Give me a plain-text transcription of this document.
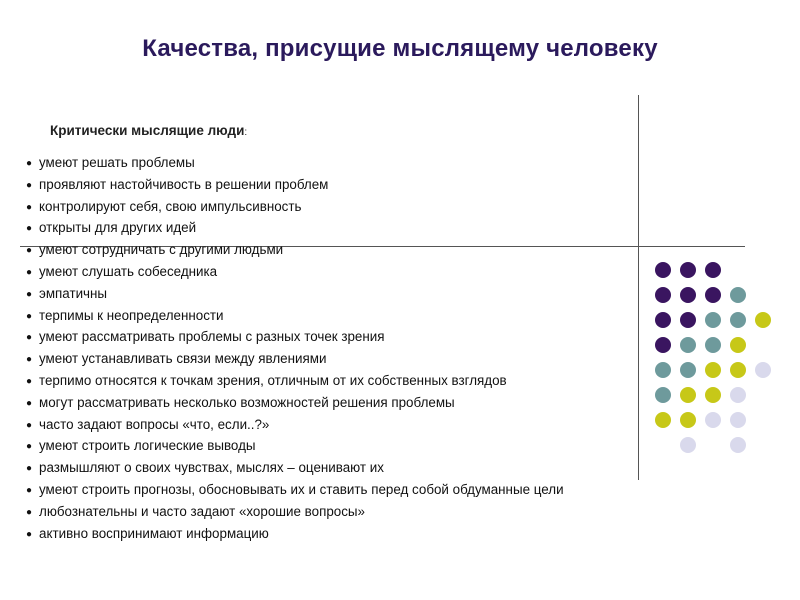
Качества, присущие мыслящему человеку
Критически мыслящие люди:
● умеют решать проблемы
● проявляют настойчивость в решении проблем
● контролируют себя, свою импульсивность
● открыты для других идей
● умеют сотрудничать с другими людьми
● умеют слушать собеседника
● эмпатичны
● терпимы к неопределенности
● умеют рассматривать проблемы с разных точек зрения
● умеют устанавливать связи между явлениями
● терпимо относятся к точкам зрения, отличным от их собственных взглядов
● могут рассматривать несколько возможностей решения проблемы
● часто задают вопросы «что, если..?»
● умеют строить логические выводы
● размышляют о своих чувствах, мыслях – оценивают их
● умеют строить прогнозы, обосновывать их и ставить перед собой обдуманные цели
● любознательны и часто задают «хорошие вопросы»
● активно воспринимают информацию
